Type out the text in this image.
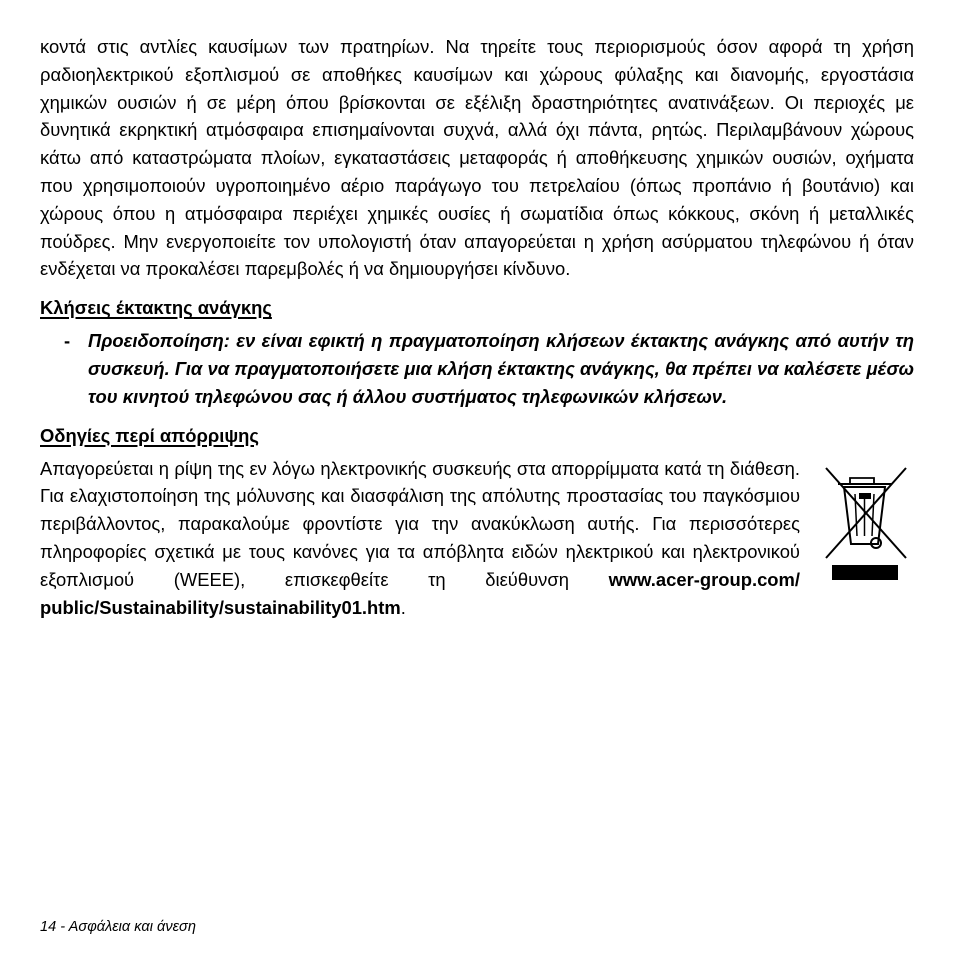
κοντά στις αντλίες καυσίμων των πρατηρίων. Να τηρείτε τους περιορισμούς όσον αφορά τη χρήση ραδιοηλεκτρικού εξοπλισμού σε αποθήκες καυσίμων και χώρους φύλαξης και διανομής, εργοστάσια χημικών ουσιών ή σε μέρη όπου βρίσκονται σε εξέλιξη δραστηριότητες ανατινάξεων. Οι περιοχές με δυνητικά εκρηκτική ατμόσφαιρα επισημαίνονται συχνά, αλλά όχι πάντα, ρητώς. Περιλαμβάνουν χώρους κάτω από καταστρώματα πλοίων, εγκαταστάσεις μεταφοράς ή αποθήκευσης χημικών ουσιών, οχήματα που χρησιμοποιούν υγροποιημένο αέριο παράγωγο του πετρελαίου (όπως προπάνιο ή βουτάνιο) και χώρους όπου η ατμόσφαιρα περιέχει χημικές ουσίες ή σωματίδια όπως κόκκους, σκόνη ή μεταλλικές πούδρες. Μην ενεργοποιείτε τον υπολογιστή όταν απαγορεύεται η χρήση ασύρματου τηλεφώνου ή όταν ενδέχεται να προκαλέσει παρεμβολές ή να δημιουργήσει κίνδυνο.

Κλήσεις έκτακτης ανάγκης
- Προειδοποίηση: εν είναι εφικτή η πραγματοποίηση κλήσεων έκτακτης ανάγκης από αυτήν τη συσκευή. Για να πραγματοποιήσετε μια κλήση έκτακτης ανάγκης, θα πρέπει να καλέσετε μέσω του κινητού τηλεφώνου σας ή άλλου συστήματος τηλεφωνικών κλήσεων.

Οδηγίες περί απόρριψης

Απαγορεύεται η ρίψη της εν λόγω ηλεκτρονικής συσκευής στα απορρίμματα κατά τη διάθεση. Για ελαχιστοποίηση της μόλυνσης και διασφάλιση της απόλυτης προστασίας του παγκόσμιου περιβάλλοντος, παρακαλούμε φροντίστε για την ανακύκλωση αυτής. Για περισσότερες πληροφορίες σχετικά με τους κανόνες για τα απόβλητα ειδών ηλεκτρικού και ηλεκτρονικού εξοπλισμού (WEEE), επισκεφθείτε τη διεύθυνση www.acer-group.com/ public/Sustainability/sustainability01.htm.

14 - Ασφάλεια και άνεση
